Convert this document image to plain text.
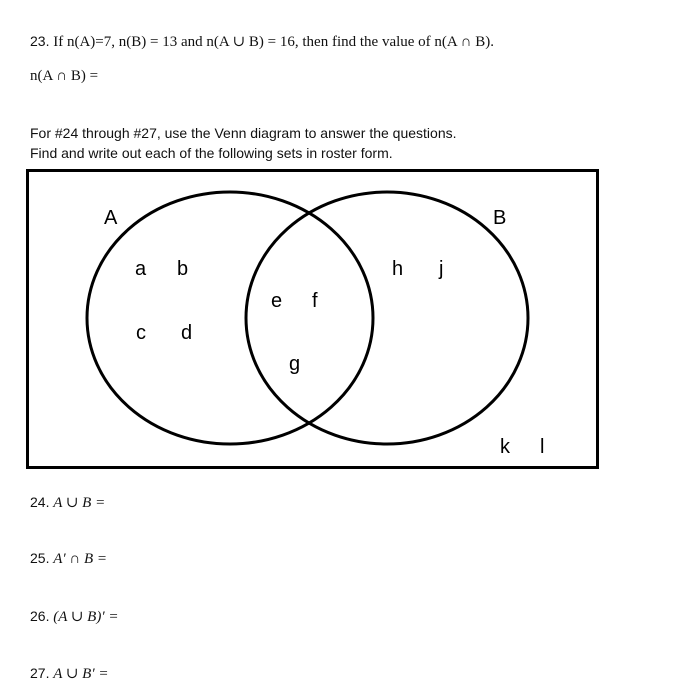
23. If n(A)=7, n(B) = 13 and n(A ∪ B) = 16, then find the value of n(A ∩ B).
n(A ∩ B) =
For #24 through #27, use the Venn diagram to answer the questions.
Find and write out each of the following sets in roster form.
A	B
a b
c d
e f
g
h j
k l
24. A ∪ B =
25. A′ ∩ B =
26. (A ∪ B)′ =
27. A ∪ B′ =
